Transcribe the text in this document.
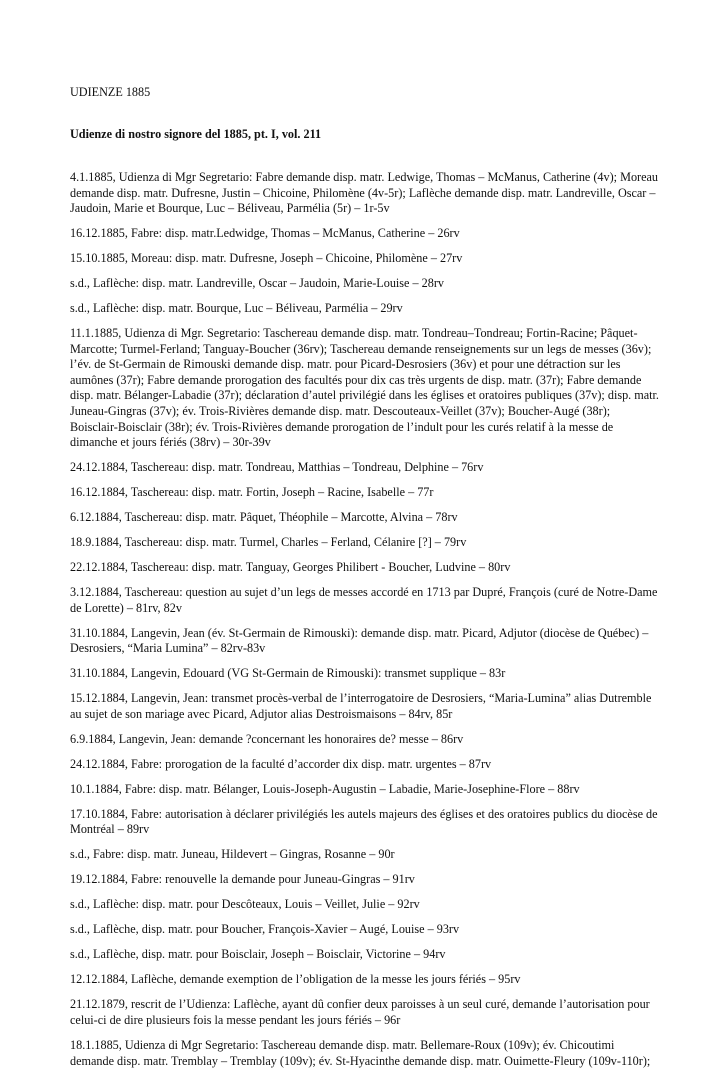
UDIENZE 1885
Udienze di nostro signore del 1885, pt. I, vol. 211

4.1.1885, Udienza di Mgr Segretario: Fabre demande disp. matr. Ledwige, Thomas – McManus, Catherine (4v); Moreau demande disp. matr. Dufresne, Justin – Chicoine, Philomène (4v-5r); Laflèche demande disp. matr. Landreville, Oscar – Jaudoin, Marie et Bourque, Luc – Béliveau, Parmélia (5r) – 1r-5v

16.12.1885, Fabre: disp. matr.Ledwidge, Thomas – McManus, Catherine – 26rv

15.10.1885, Moreau: disp. matr. Dufresne, Joseph – Chicoine, Philomène – 27rv

s.d., Laflèche: disp. matr. Landreville, Oscar – Jaudoin, Marie-Louise – 28rv

s.d., Laflèche: disp. matr. Bourque, Luc – Béliveau, Parmélia – 29rv

11.1.1885, Udienza di Mgr. Segretario: Taschereau demande disp. matr. Tondreau–Tondreau; Fortin-Racine; Pâquet-Marcotte; Turmel-Ferland; Tanguay-Boucher (36rv); Taschereau demande renseignements sur un legs de messes (36v); l’év. de St-Germain de Rimouski demande disp. matr. pour Picard-Desrosiers (36v) et pour une détraction sur les aumônes (37r); Fabre demande prorogation des facultés pour dix cas très urgents de disp. matr. (37r); Fabre demande disp. matr. Bélanger-Labadie (37r); déclaration d’autel privilégié dans les églises et oratoires publiques (37v); disp. matr. Juneau-Gingras (37v); év. Trois-Rivières demande disp. matr. Descouteaux-Veillet (37v); Boucher-Augé (38r); Boisclair-Boisclair (38r); év. Trois-Rivières demande prorogation de l’indult pour les curés relatif à la messe de dimanche et jours fériés (38rv) – 30r-39v

24.12.1884, Taschereau: disp. matr. Tondreau, Matthias – Tondreau, Delphine – 76rv

16.12.1884, Taschereau: disp. matr. Fortin, Joseph – Racine, Isabelle – 77r

6.12.1884, Taschereau: disp. matr. Pâquet, Théophile – Marcotte, Alvina – 78rv

18.9.1884, Taschereau: disp. matr. Turmel, Charles – Ferland, Célanire [?] – 79rv

22.12.1884, Taschereau: disp. matr. Tanguay, Georges Philibert - Boucher, Ludvine – 80rv

3.12.1884, Taschereau: question au sujet d’un legs de messes accordé en 1713 par Dupré, François (curé de Notre-Dame de Lorette) – 81rv, 82v

31.10.1884, Langevin, Jean (év. St-Germain de Rimouski): demande disp. matr. Picard, Adjutor (diocèse de Québec) – Desrosiers, “Maria Lumina” – 82rv-83v

31.10.1884, Langevin, Edouard (VG St-Germain de Rimouski): transmet supplique – 83r

15.12.1884, Langevin, Jean: transmet procès-verbal de l’interrogatoire de Desrosiers, “Maria-Lumina” alias Dutremble au sujet de son mariage avec Picard, Adjutor alias Destroismaisons – 84rv, 85r

6.9.1884, Langevin, Jean: demande ?concernant les honoraires de? messe – 86rv

24.12.1884, Fabre: prorogation de la faculté d’accorder dix disp. matr. urgentes – 87rv

10.1.1884, Fabre: disp. matr. Bélanger, Louis-Joseph-Augustin – Labadie, Marie-Josephine-Flore – 88rv

17.10.1884, Fabre: autorisation à déclarer privilégiés les autels majeurs des églises et des oratoires publics du diocèse de Montréal – 89rv

s.d., Fabre: disp. matr. Juneau, Hildevert – Gingras, Rosanne – 90r

19.12.1884, Fabre: renouvelle la demande pour Juneau-Gingras – 91rv

s.d., Laflèche: disp. matr. pour Descôteaux, Louis – Veillet, Julie – 92rv

s.d., Laflèche, disp. matr. pour Boucher, François-Xavier – Augé, Louise – 93rv

s.d., Laflèche, disp. matr. pour Boisclair, Joseph – Boisclair, Victorine – 94rv

12.12.1884, Laflèche, demande exemption de l’obligation de la messe les jours fériés – 95rv

21.12.1879, rescrit de l’Udienza: Laflèche, ayant dû confier deux paroisses à un seul curé, demande l’autorisation pour celui-ci de dire plusieurs fois la messe pendant les jours fériés – 96r

18.1.1885, Udienza di Mgr Segretario: Taschereau demande disp. matr. Bellemare-Roux (109v); év. Chicoutimi demande disp. matr. Tremblay – Tremblay (109v); év. St-Hyacinthe demande disp. matr. Ouimette-Fleury (109v-110r);
